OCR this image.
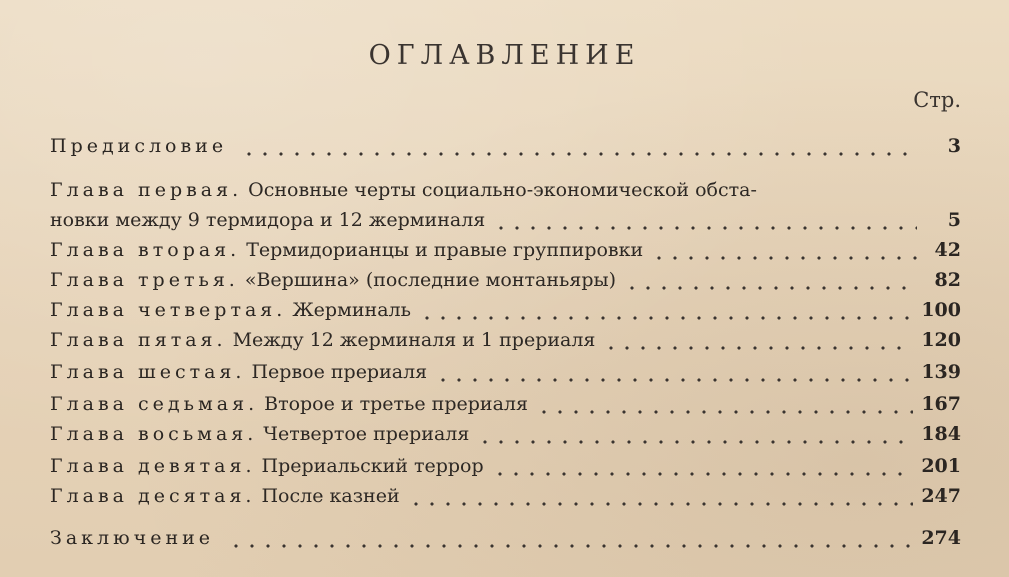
ОГЛАВЛЕНИЕ
Стр.
Предисловие	3
Глава первая. Основные черты социально-экономической обста-
новки между 9 термидора и 12 жерминаля	5
Глава вторая. Термидорианцы и правые группировки	42
Глава третья. «Вершина» (последние монтаньяры)	82
Глава четвертая. Жерминаль	100
Глава пятая. Между 12 жерминаля и 1 прериаля	120
Глава шестая. Первое прериаля	139
Глава седьмая. Второе и третье прериаля	167
Глава восьмая. Четвертое прериаля	184
Глава девятая. Прериальский террор	201
Глава десятая. После казней	247
Заключение	274
